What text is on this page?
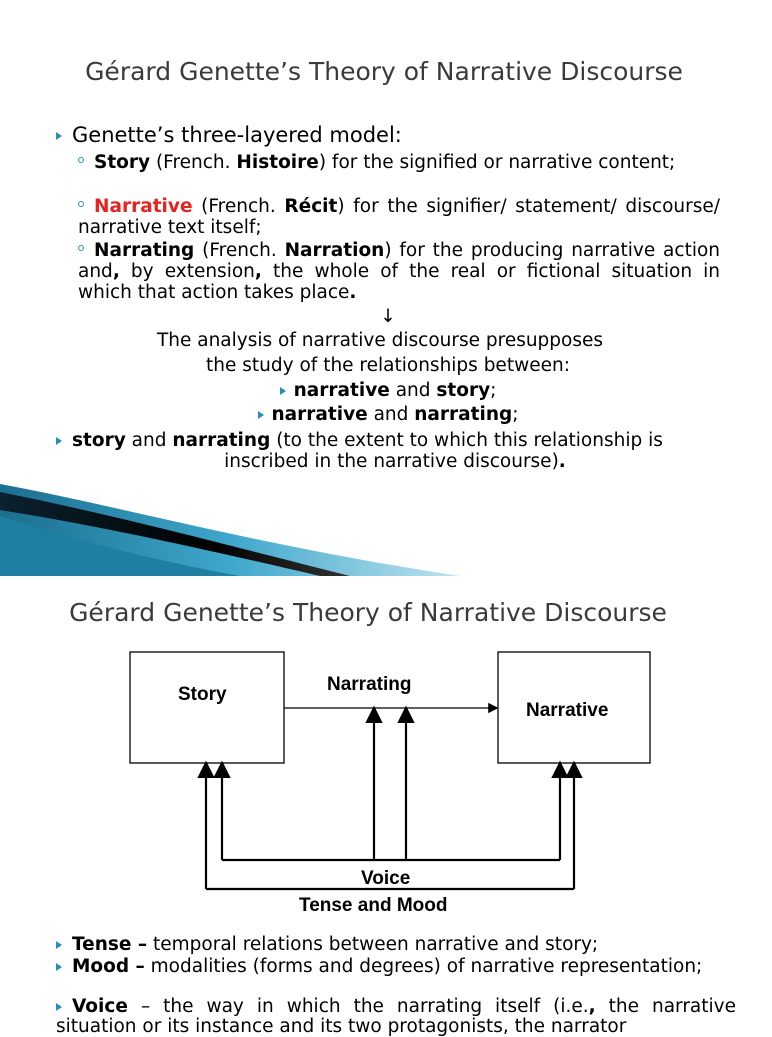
Gérard Genette’s Theory of Narrative Discourse
Genette’s three-layered model:
Story (French. Histoire) for the signified or narrative content;
Narrative (French. Récit) for the signifier/ statement/ discourse/ narrative text itself;
Narrating (French. Narration) for the producing narrative action and, by extension, the whole of the real or fictional situation in which that action takes place.
↓
The analysis of narrative discourse presupposes
the study of the relationships between:
narrative and story;
narrative and narrating;
story and narrating (to the extent to which this relationship is
inscribed in the narrative discourse).
Gérard Genette’s Theory of Narrative Discourse
Story
Narrative
Narrating
Voice
Tense and Mood
Tense – temporal relations between narrative and story;
Mood – modalities (forms and degrees) of narrative representation;
Voice – the way in which the narrating itself (i.e., the narrative situation or its instance and its two protagonists, the narrator
